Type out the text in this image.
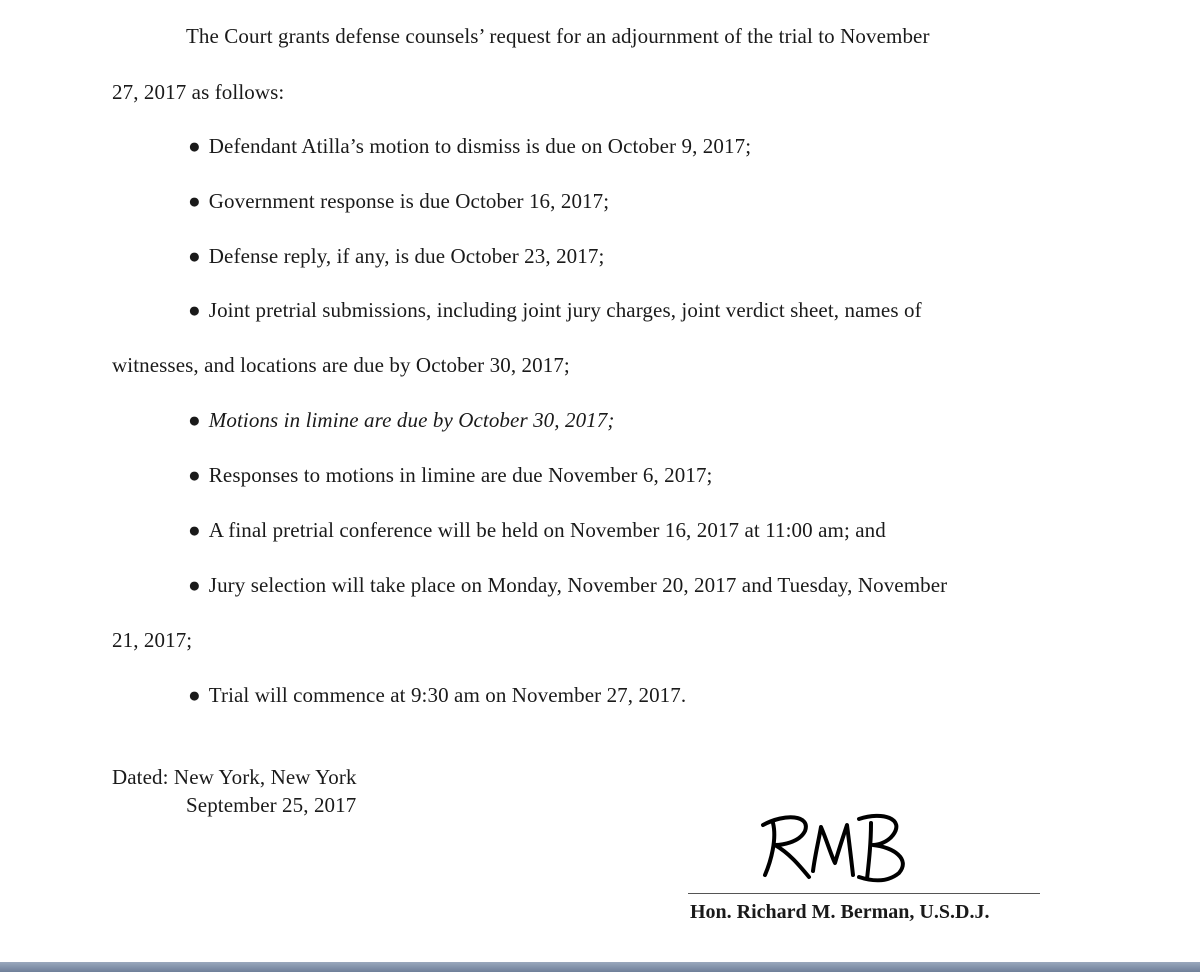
The Court grants defense counsels’ request for an adjournment of the trial to November
27, 2017 as follows:
● Defendant Atilla’s motion to dismiss is due on October 9, 2017;
● Government response is due October 16, 2017;
● Defense reply, if any, is due October 23, 2017;
● Joint pretrial submissions, including joint jury charges, joint verdict sheet, names of
witnesses, and locations are due by October 30, 2017;
● Motions in limine are due by October 30, 2017;
● Responses to motions in limine are due November 6, 2017;
● A final pretrial conference will be held on November 16, 2017 at 11:00 am; and
● Jury selection will take place on Monday, November 20, 2017 and Tuesday, November
21, 2017;
● Trial will commence at 9:30 am on November 27, 2017.
Dated: New York, New York
September 25, 2017
Hon. Richard M. Berman, U.S.D.J.
